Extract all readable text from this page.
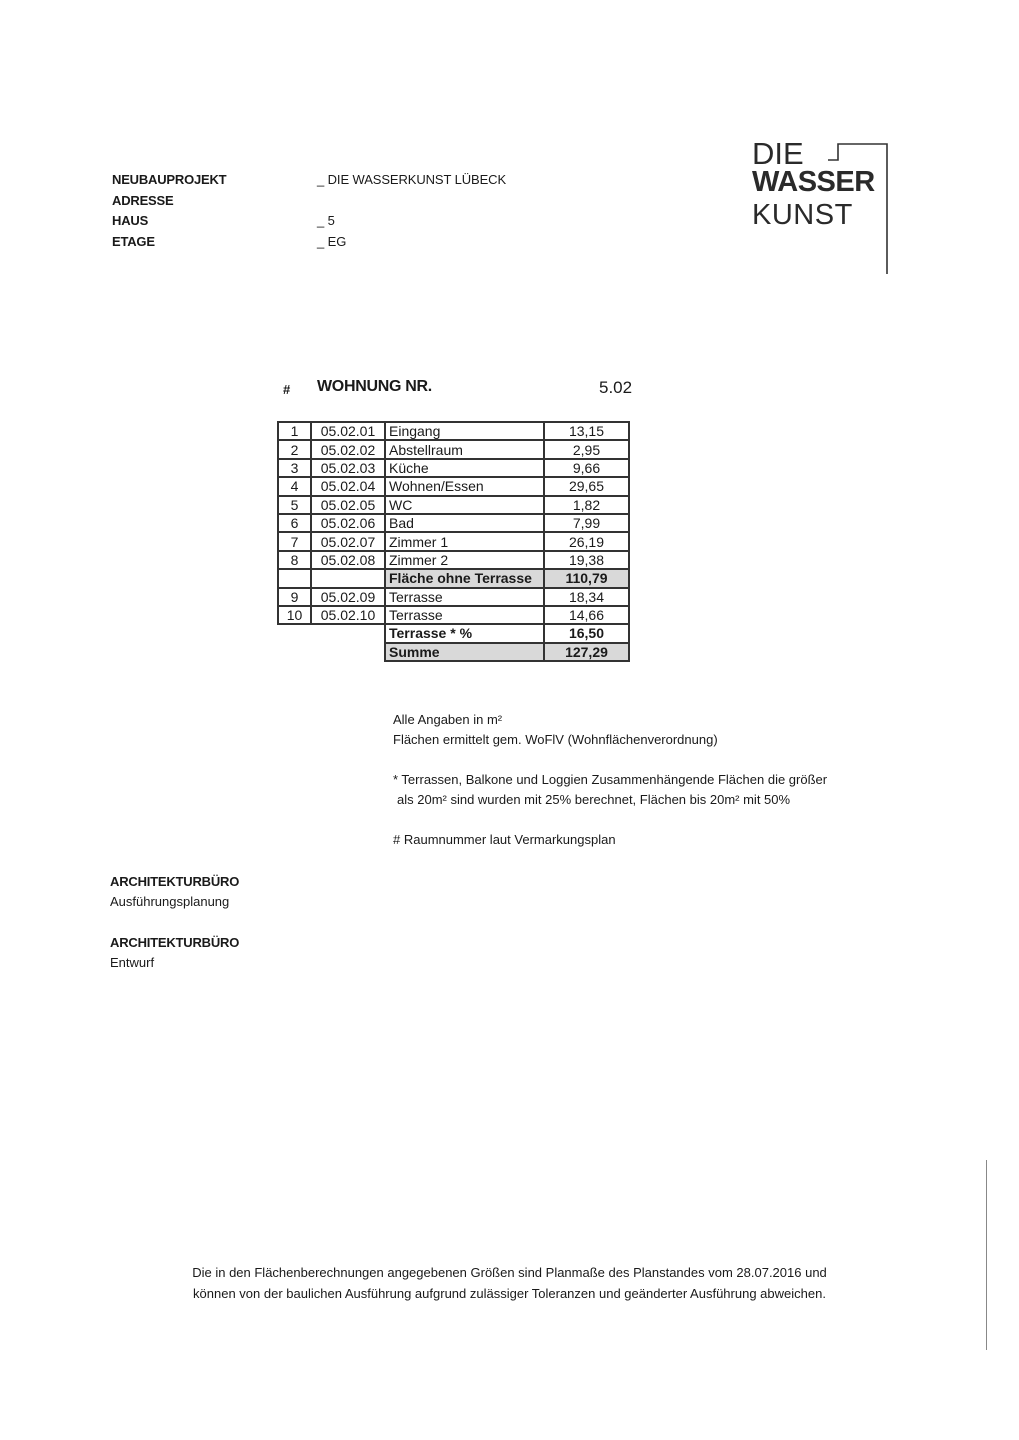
NEUBAUPROJEKT	_ DIE WASSERKUNST LÜBECK
ADRESSE
HAUS	_ 5
ETAGE	_ EG
DIE
WASSER
KUNST
# WOHNUNG NR.	5.02
1	05.02.01	Eingang	13,15
2	05.02.02	Abstellraum	2,95
3	05.02.03	Küche	9,66
4	05.02.04	Wohnen/Essen	29,65
5	05.02.05	WC	1,82
6	05.02.06	Bad	7,99
7	05.02.07	Zimmer 1	26,19
8	05.02.08	Zimmer 2	19,38
		Fläche ohne Terrasse	110,79
9	05.02.09	Terrasse	18,34
10	05.02.10	Terrasse	14,66
		Terrasse * %	16,50
		Summe	127,29

Alle Angaben in m²

Flächen ermittelt gem. WoFlV (Wohnflächenverordnung)

* Terrassen, Balkone und Loggien Zusammenhängende Flächen die größer

als 20m² sind wurden mit 25% berechnet, Flächen bis 20m² mit 50%

# Raumnummer laut Vermarkungsplan

ARCHITEKTURBÜRO
Ausführungsplanung
ARCHITEKTURBÜRO
Entwurf

Die in den Flächenberechnungen angegebenen Größen sind Planmaße des Planstandes vom 28.07.2016 und

können von der baulichen Ausführung aufgrund zulässiger Toleranzen und geänderter Ausführung abweichen.
